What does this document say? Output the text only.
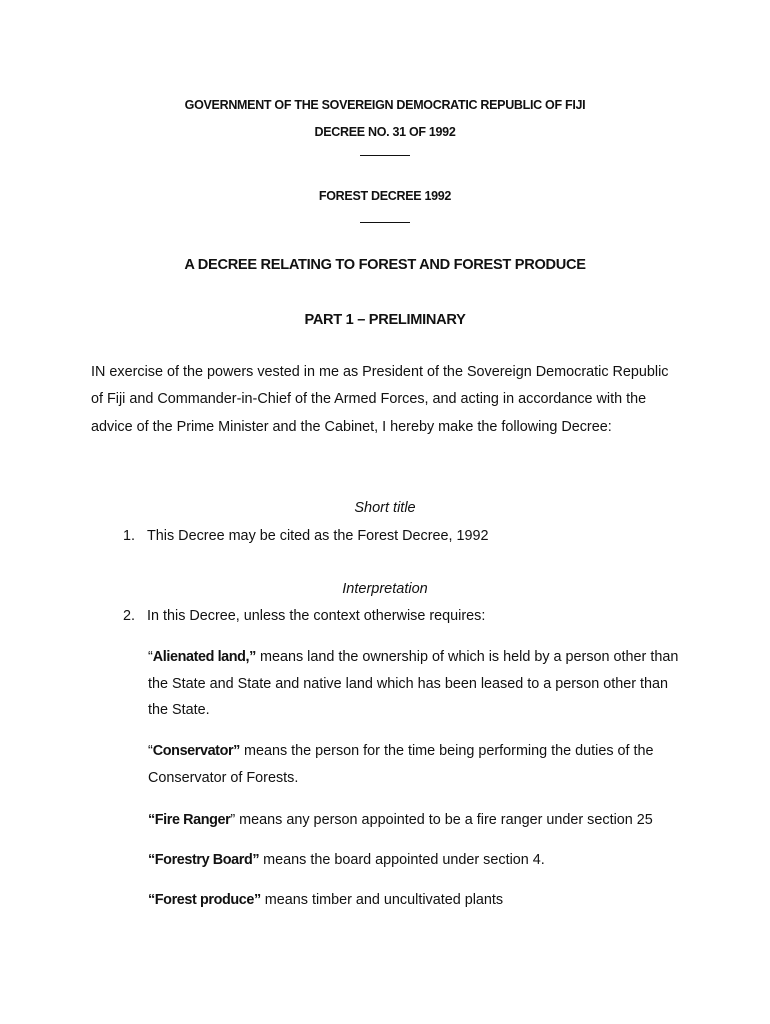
GOVERNMENT OF THE SOVEREIGN DEMOCRATIC REPUBLIC OF FIJI
DECREE NO. 31 OF 1992
FOREST DECREE 1992
A DECREE RELATING TO FOREST AND FOREST PRODUCE
PART 1 – PRELIMINARY

IN exercise of the powers vested in me as President of the Sovereign Democratic Republic of Fiji and Commander-in-Chief of the Armed Forces, and acting in accordance with the advice of the Prime Minister and the Cabinet, I hereby make the following Decree:

Short title
1. This Decree may be cited as the Forest Decree, 1992
Interpretation
2. In this Decree, unless the context otherwise requires:

“Alienated land,” means land the ownership of which is held by a person other than the State and State and native land which has been leased to a person other than the State.

“Conservator” means the person for the time being performing the duties of the Conservator of Forests.

“Fire Ranger” means any person appointed to be a fire ranger under section 25

“Forestry Board” means the board appointed under section 4.

“Forest produce” means timber and uncultivated plants
